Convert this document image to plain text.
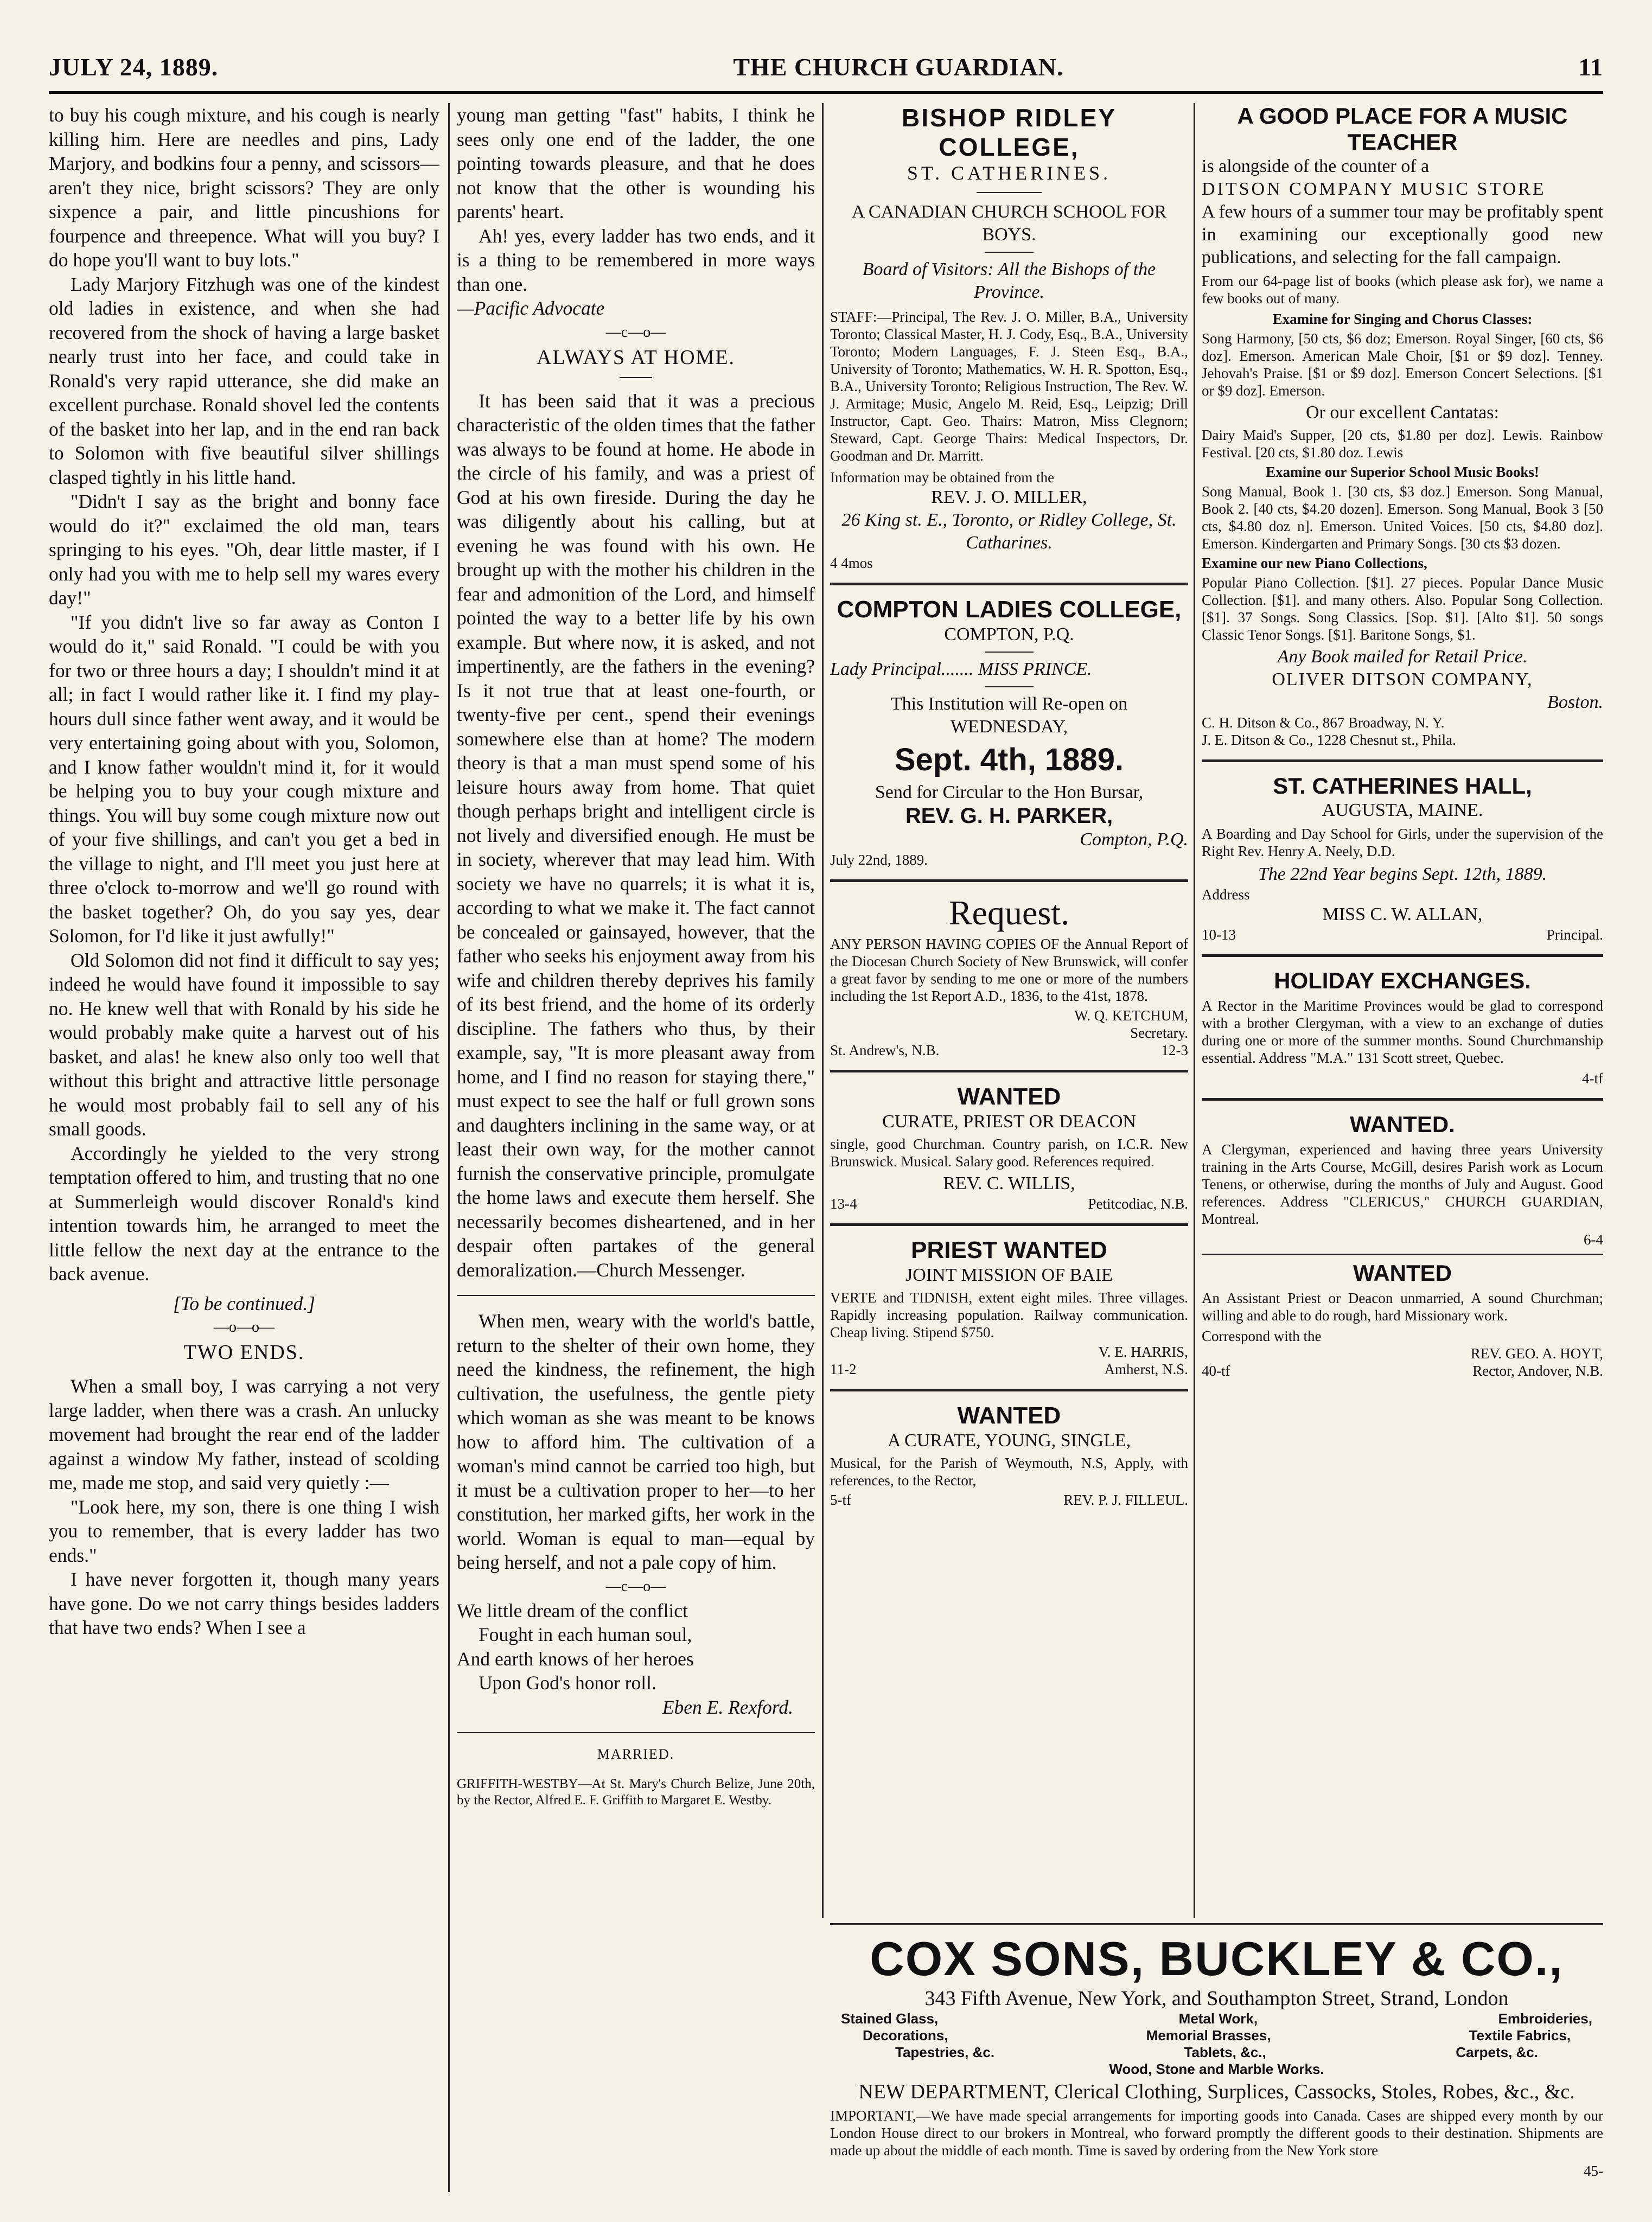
JULY 24, 1889.	THE CHURCH GUARDIAN.	11

to buy his cough mixture, and his cough is nearly killing him. Here are needles and pins, Lady Marjory, and bodkins four a penny, and scissors—aren't they nice, bright scissors? They are only sixpence a pair, and little pincushions for fourpence and threepence. What will you buy? I do hope you'll want to buy lots."

Lady Marjory Fitzhugh was one of the kindest old ladies in existence, and when she had recovered from the shock of having a large basket nearly trust into her face, and could take in Ronald's very rapid utterance, she did make an excellent purchase. Ronald shovel led the contents of the basket into her lap, and in the end ran back to Solomon with five beautiful silver shillings clasped tightly in his little hand.

"Didn't I say as the bright and bonny face would do it?" exclaimed the old man, tears springing to his eyes. "Oh, dear little master, if I only had you with me to help sell my wares every day!"

"If you didn't live so far away as Conton I would do it," said Ronald. "I could be with you for two or three hours a day; I shouldn't mind it at all; in fact I would rather like it. I find my play-hours dull since father went away, and it would be very entertaining going about with you, Solomon, and I know father wouldn't mind it, for it would be helping you to buy your cough mixture and things. You will buy some cough mixture now out of your five shillings, and can't you get a bed in the village to night, and I'll meet you just here at three o'clock to-morrow and we'll go round with the basket together? Oh, do you say yes, dear Solomon, for I'd like it just awfully!"

Old Solomon did not find it difficult to say yes; indeed he would have found it impossible to say no. He knew well that with Ronald by his side he would probably make quite a harvest out of his basket, and alas! he knew also only too well that without this bright and attractive little personage he would most probably fail to sell any of his small goods.

Accordingly he yielded to the very strong temptation offered to him, and trusting that no one at Summerleigh would discover Ronald's kind intention towards him, he arranged to meet the little fellow the next day at the entrance to the back avenue.

[To be continued.]

—o—o—
TWO ENDS.

When a small boy, I was carrying a not very large ladder, when there was a crash. An unlucky movement had brought the rear end of the ladder against a window My father, instead of scolding me, made me stop, and said very quietly :—

"Look here, my son, there is one thing I wish you to remember, that is every ladder has two ends."

I have never forgotten it, though many years have gone. Do we not carry things besides ladders that have two ends? When I see a

young man getting "fast" habits, I think he sees only one end of the ladder, the one pointing towards pleasure, and that he does not know that the other is wounding his parents' heart.

Ah! yes, every ladder has two ends, and it is a thing to be remembered in more ways than one.

—Pacific Advocate

—c—o—
ALWAYS AT HOME.

It has been said that it was a precious characteristic of the olden times that the father was always to be found at home. He abode in the circle of his family, and was a priest of God at his own fireside. During the day he was diligently about his calling, but at evening he was found with his own. He brought up with the mother his children in the fear and admonition of the Lord, and himself pointed the way to a better life by his own example. But where now, it is asked, and not impertinently, are the fathers in the evening? Is it not true that at least one-fourth, or twenty-five per cent., spend their evenings somewhere else than at home? The modern theory is that a man must spend some of his leisure hours away from home. That quiet though perhaps bright and intelligent circle is not lively and diversified enough. He must be in society, wherever that may lead him. With society we have no quarrels; it is what it is, according to what we make it. The fact cannot be concealed or gainsayed, however, that the father who seeks his enjoyment away from his wife and children thereby deprives his family of its best friend, and the home of its orderly discipline. The fathers who thus, by their example, say, "It is more pleasant away from home, and I find no reason for staying there," must expect to see the half or full grown sons and daughters inclining in the same way, or at least their own way, for the mother cannot furnish the conservative principle, promulgate the home laws and execute them herself. She necessarily becomes disheartened, and in her despair often partakes of the general demoralization.—Church Messenger.

When men, weary with the world's battle, return to the shelter of their own home, they need the kindness, the refinement, the high cultivation, the usefulness, the gentle piety which woman as she was meant to be knows how to afford him. The cultivation of a woman's mind cannot be carried too high, but it must be a cultivation proper to her—to her constitution, her marked gifts, her work in the world. Woman is equal to man—equal by being herself, and not a pale copy of him.

—c—o—

We little dream of the conflict

Fought in each human soul,

And earth knows of her heroes

Upon God's honor roll.

Eben E. Rexford.

MARRIED.

GRIFFITH-WESTBY—At St. Mary's Church Belize, June 20th, by the Rector, Alfred E. F. Griffith to Margaret E. Westby.

BISHOP RIDLEY COLLEGE,
ST. CATHERINES.
A CANADIAN CHURCH SCHOOL FOR BOYS.
Board of Visitors: All the Bishops of the Province.

STAFF:—Principal, The Rev. J. O. Miller, B.A., University Toronto; Classical Master, H. J. Cody, Esq., B.A., University Toronto; Modern Languages, F. J. Steen Esq., B.A., University of Toronto; Mathematics, W. H. R. Spotton, Esq., B.A., University Toronto; Religious Instruction, The Rev. W. J. Armitage; Music, Angelo M. Reid, Esq., Leipzig; Drill Instructor, Capt. Geo. Thairs: Matron, Miss Clegnorn; Steward, Capt. George Thairs: Medical Inspectors, Dr. Goodman and Dr. Marritt.

Information may be obtained from the
REV. J. O. MILLER,
26 King st. E., Toronto, or Ridley College, St. Catharines.
4 4mos
COMPTON LADIES COLLEGE,
COMPTON, P.Q.
Lady Principal....... MISS PRINCE.
This Institution will Re-open on WEDNESDAY,
Sept. 4th, 1889.
Send for Circular to the Hon Bursar,
REV. G. H. PARKER,
Compton, P.Q.
July 22nd, 1889.
Request.

ANY PERSON HAVING COPIES OF the Annual Report of the Diocesan Church Society of New Brunswick, will confer a great favor by sending to me one or more of the numbers including the 1st Report A.D., 1836, to the 41st, 1878.

W. Q. KETCHUM,
Secretary.
St. Andrew's, N.B.	12-3
WANTED
CURATE, PRIEST OR DEACON

single, good Churchman. Country parish, on I.C.R. New Brunswick. Musical. Salary good. References required.

REV. C. WILLIS,
13-4	Petitcodiac, N.B.
PRIEST WANTED
JOINT MISSION OF BAIE

VERTE and TIDNISH, extent eight miles. Three villages. Rapidly increasing population. Railway communication. Cheap living. Stipend $750.

V. E. HARRIS,
11-2	Amherst, N.S.
WANTED
A CURATE, YOUNG, SINGLE,

Musical, for the Parish of Weymouth, N.S, Apply, with references, to the Rector,

5-tf	REV. P. J. FILLEUL.
A GOOD PLACE FOR A MUSIC TEACHER
is alongside of the counter of a
DITSON COMPANY MUSIC STORE

A few hours of a summer tour may be profitably spent in examining our exceptionally good new publications, and selecting for the fall campaign.

From our 64-page list of books (which please ask for), we name a few books out of many.

Examine for Singing and Chorus Classes:

Song Harmony, [50 cts, $6 doz; Emerson. Royal Singer, [60 cts, $6 doz]. Emerson. American Male Choir, [$1 or $9 doz]. Tenney. Jehovah's Praise. [$1 or $9 doz]. Emerson Concert Selections. [$1 or $9 doz]. Emerson.

Or our excellent Cantatas:

Dairy Maid's Supper, [20 cts, $1.80 per doz]. Lewis. Rainbow Festival. [20 cts, $1.80 doz. Lewis

Examine our Superior School Music Books!

Song Manual, Book 1. [30 cts, $3 doz.] Emerson. Song Manual, Book 2. [40 cts, $4.20 dozen]. Emerson. Song Manual, Book 3 [50 cts, $4.80 doz n]. Emerson. United Voices. [50 cts, $4.80 doz]. Emerson. Kindergarten and Primary Songs. [30 cts $3 dozen.

Examine our new Piano Collections,

Popular Piano Collection. [$1]. 27 pieces. Popular Dance Music Collection. [$1]. and many others. Also. Popular Song Collection. [$1]. 37 Songs. Song Classics. [Sop. $1]. [Alto $1]. 50 songs Classic Tenor Songs. [$1]. Baritone Songs, $1.

Any Book mailed for Retail Price.
OLIVER DITSON COMPANY,
Boston.
C. H. Ditson & Co., 867 Broadway, N. Y.
J. E. Ditson & Co., 1228 Chesnut st., Phila.
ST. CATHERINES HALL,
AUGUSTA, MAINE.

A Boarding and Day School for Girls, under the supervision of the Right Rev. Henry A. Neely, D.D.

The 22nd Year begins Sept. 12th, 1889.
Address
MISS C. W. ALLAN,
10-13	Principal.
HOLIDAY EXCHANGES.

A Rector in the Maritime Provinces would be glad to correspond with a brother Clergyman, with a view to an exchange of duties during one or more of the summer months. Sound Churchmanship essential. Address "M.A." 131 Scott street, Quebec.

4-tf
WANTED.

A Clergyman, experienced and having three years University training in the Arts Course, McGill, desires Parish work as Locum Tenens, or otherwise, during the months of July and August. Good references. Address "CLERICUS," CHURCH GUARDIAN, Montreal.

6-4
WANTED

An Assistant Priest or Deacon unmarried, A sound Churchman; willing and able to do rough, hard Missionary work.

Correspond with the
REV. GEO. A. HOYT,
40-tf	Rector, Andover, N.B.
COX SONS, BUCKLEY & CO.,
343 Fifth Avenue, New York, and Southampton Street, Strand, London
Stained Glass,	Metal Work,	Embroideries,
Decorations,	Memorial Brasses,	Textile Fabrics,
Tapestries, &c.	Tablets, &c.,	Carpets, &c.
Wood, Stone and Marble Works.
NEW DEPARTMENT, Clerical Clothing, Surplices, Cassocks, Stoles, Robes, &c., &c.

IMPORTANT,—We have made special arrangements for importing goods into Canada. Cases are shipped every month by our London House direct to our brokers in Montreal, who forward promptly the different goods to their destination. Shipments are made up about the middle of each month. Time is saved by ordering from the New York store

45-
